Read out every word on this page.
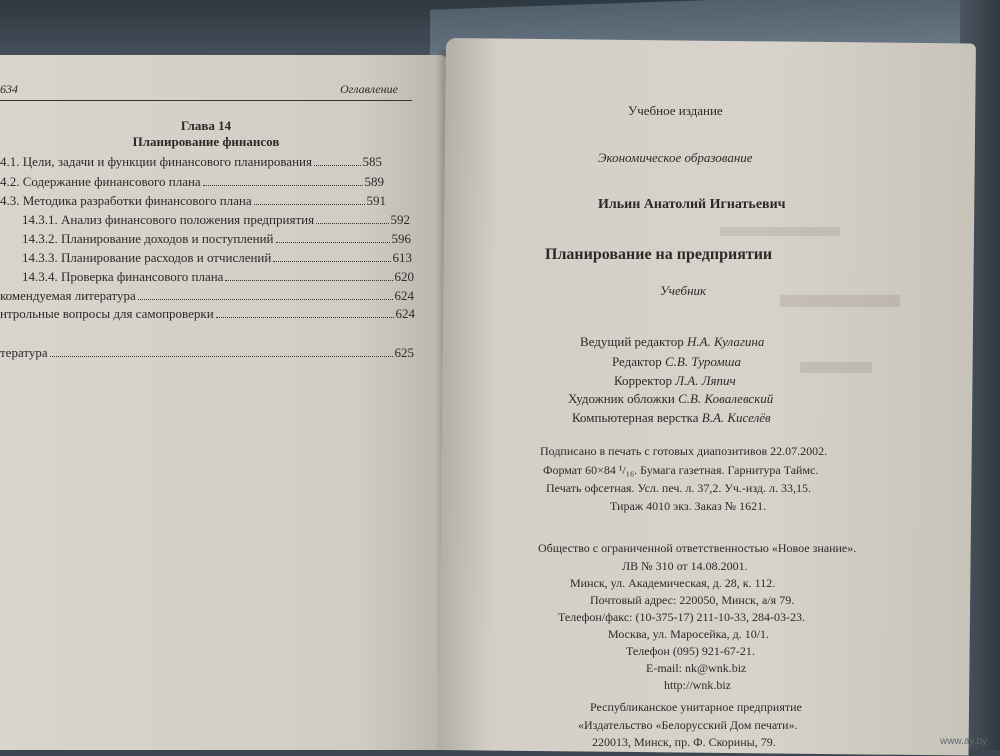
634	Оглавление
Глава 14
Планирование финансов
4.1. Цели, задачи и функции финансового планирования	585
4.2. Содержание финансового плана	589
4.3. Методика разработки финансового плана	591
14.3.1. Анализ финансового положения предприятия	592
14.3.2. Планирование доходов и поступлений	596
14.3.3. Планирование расходов и отчислений	613
14.3.4. Проверка финансового плана	620
комендуемая литература	624
нтрольные вопросы для самопроверки	624
тература	625
▬▬▬▬
▬▬▬
▬▬
Учебное издание
Экономическое образование
Ильин Анатолий Игнатьевич
Планирование на предприятии
Учебник
Ведущий редактор Н.А. Кулагина
Редактор С.В. Туромша
Корректор Л.А. Ляпич
Художник обложки С.В. Ковалевский
Компьютерная верстка В.А. Киселёв
Подписано в печать с готовых диапозитивов 22.07.2002.
Формат 60×84 ¹/₁₆. Бумага газетная. Гарнитура Таймс.
Печать офсетная. Усл. печ. л. 37,2. Уч.-изд. л. 33,15.
Тираж 4010 экз. Заказ № 1621.
Общество с ограниченной ответственностью «Новое знание».
ЛВ № 310 от 14.08.2001.
Минск, ул. Академическая, д. 28, к. 112.
Почтовый адрес: 220050, Минск, а/я 79.
Телефон/факс: (10-375-17) 211-10-33, 284-03-23.
Москва, ул. Маросейка, д. 10/1.
Телефон (095) 921-67-21.
E-mail: nk@wnk.biz
http://wnk.biz
Республиканское унитарное предприятие
«Издательство «Белорусский Дом печати».
220013, Минск, пр. Ф. Скорины, 79.	www.ay.by
